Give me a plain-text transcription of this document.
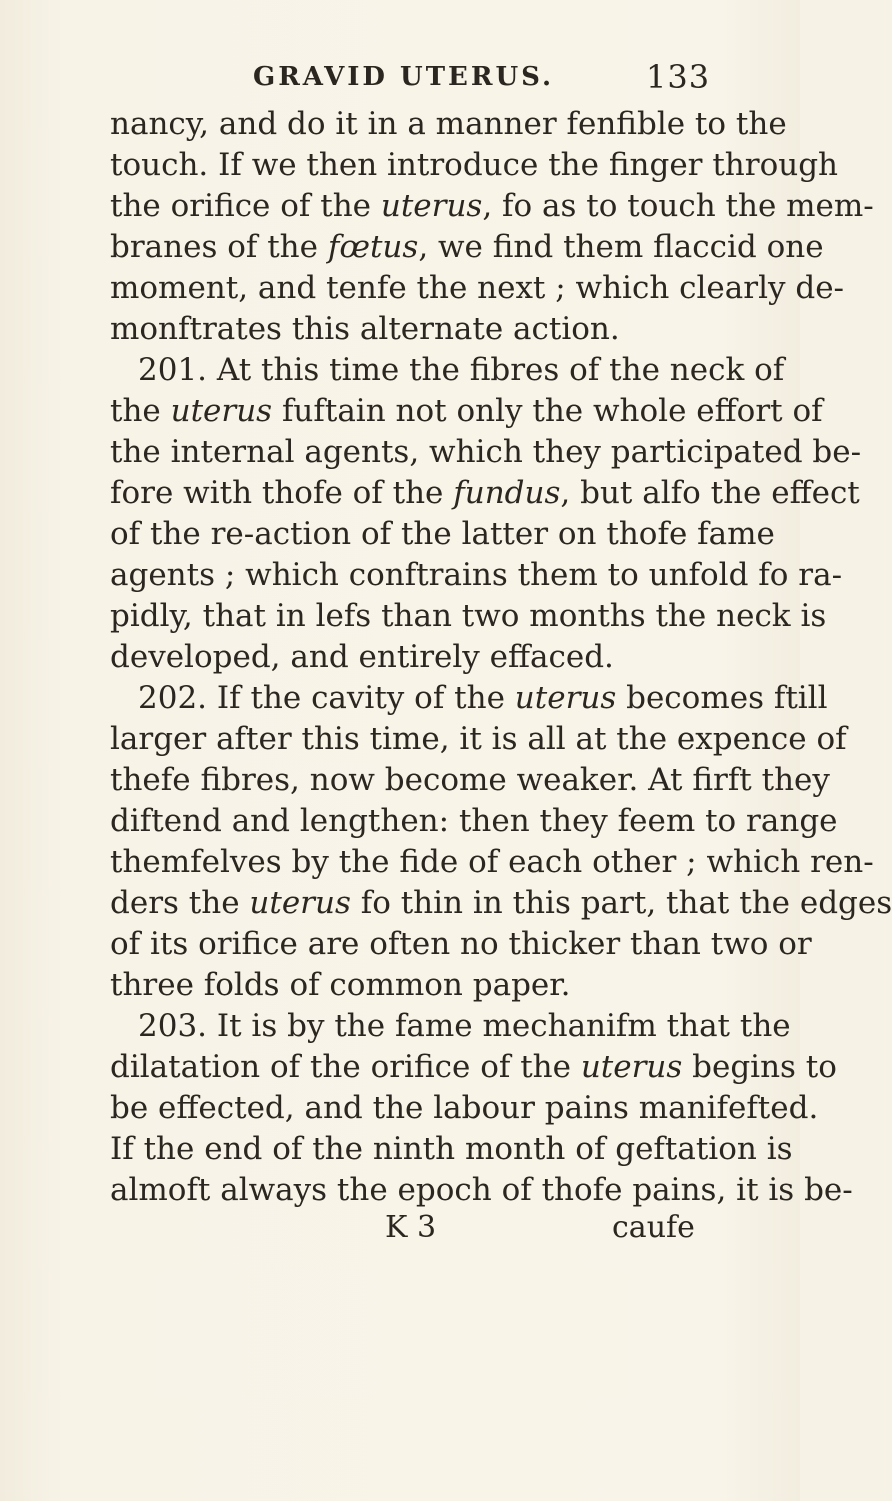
GRAVID UTERUS.	133
nancy, and do it in a manner fenfible to the
touch. If we then introduce the finger through
the orifice of the uterus, fo as to touch the mem-
branes of the fœtus, we find them flaccid one
moment, and tenfe the next ; which clearly de-
monftrates this alternate action.
201. At this time the fibres of the neck of
the uterus fuftain not only the whole effort of
the internal agents, which they participated be-
fore with thofe of the fundus, but alfo the effect
of the re-action of the latter on thofe fame
agents ; which conftrains them to unfold fo ra-
pidly, that in lefs than two months the neck is
developed, and entirely effaced.
202. If the cavity of the uterus becomes ftill
larger after this time, it is all at the expence of
thefe fibres, now become weaker. At firft they
diftend and lengthen: then they feem to range
themfelves by the fide of each other ; which ren-
ders the uterus fo thin in this part, that the edges
of its orifice are often no thicker than two or
three folds of common paper.
203. It is by the fame mechanifm that the
dilatation of the orifice of the uterus begins to
be effected, and the labour pains manifefted.
If the end of the ninth month of geftation is
almoft always the epoch of thofe pains, it is be-
K 3	caufe
